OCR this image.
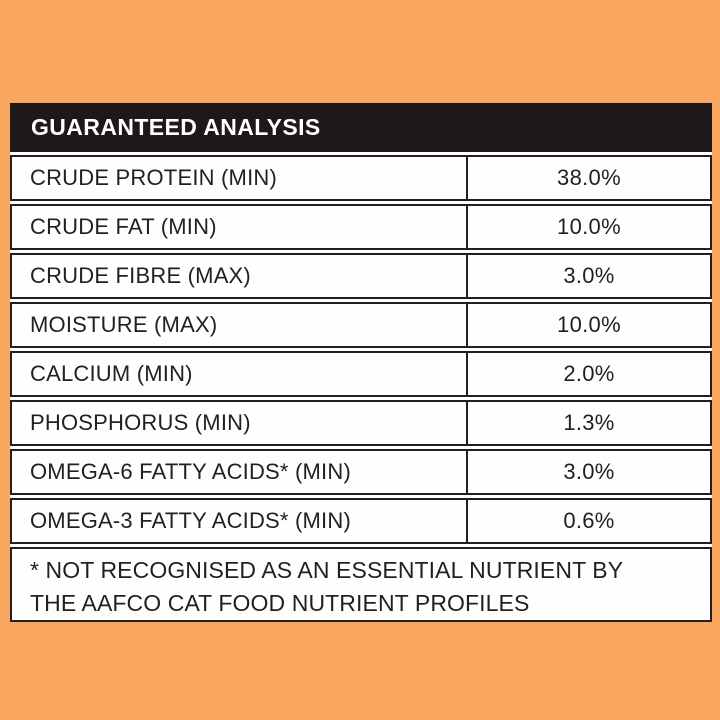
GUARANTEED ANALYSIS
CRUDE PROTEIN (MIN)	38.0%
CRUDE FAT (MIN)	10.0%
CRUDE FIBRE (MAX)	3.0%
MOISTURE (MAX)	10.0%
CALCIUM (MIN)	2.0%
PHOSPHORUS (MIN)	1.3%
OMEGA-6 FATTY ACIDS* (MIN)	3.0%
OMEGA-3 FATTY ACIDS* (MIN)	0.6%
* NOT RECOGNISED AS AN ESSENTIAL NUTRIENT BY
THE AAFCO CAT FOOD NUTRIENT PROFILES
